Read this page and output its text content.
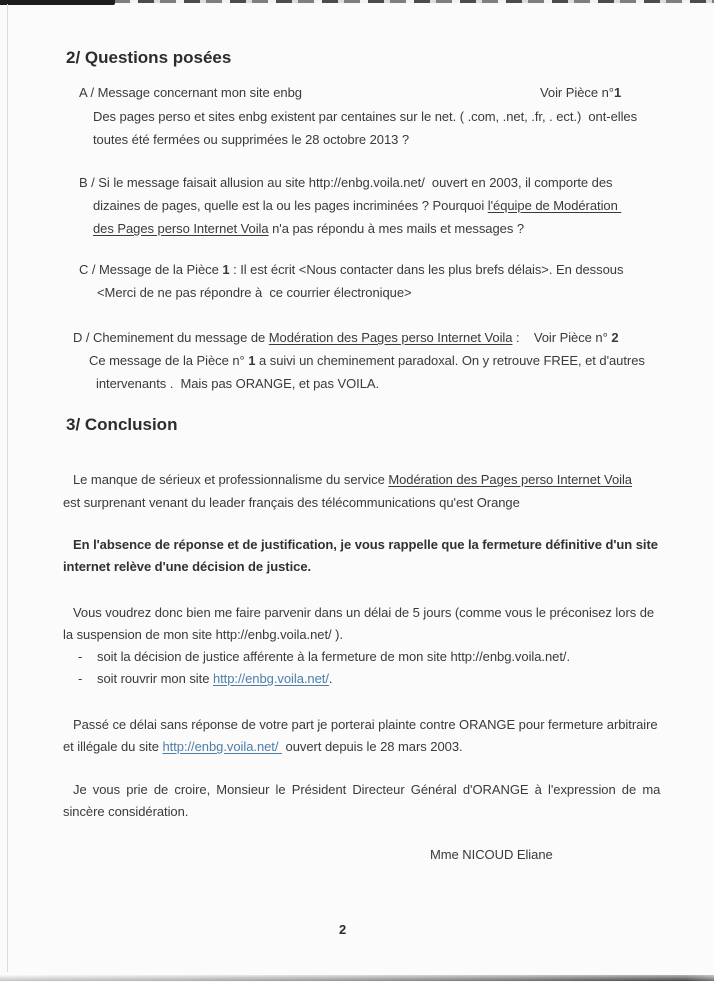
2/ Questions posées
A / Message concernant mon site enbg	Voir Pièce n°1
Des pages perso et sites enbg existent par centaines sur le net. ( .com, .net, .fr, . ect.)  ont-elles
toutes été fermées ou supprimées le 28 octobre 2013 ?
B / Si le message faisait allusion au site http://enbg.voila.net/  ouvert en 2003, il comporte des
dizaines de pages, quelle est la ou les pages incriminées ? Pourquoi l'équipe de Modération
des Pages perso Internet Voila n'a pas répondu à mes mails et messages ?
C / Message de la Pièce 1 : Il est écrit <Nous contacter dans les plus brefs délais>. En dessous
<Merci de ne pas répondre à  ce courrier électronique>
D / Cheminement du message de Modération des Pages perso Internet Voila :    Voir Pièce n° 2
Ce message de la Pièce n° 1 a suivi un cheminement paradoxal. On y retrouve FREE, et d'autres
intervenants .  Mais pas ORANGE, et pas VOILA.
3/ Conclusion
Le manque de sérieux et professionnalisme du service Modération des Pages perso Internet Voila
est surprenant venant du leader français des télécommunications qu'est Orange
En l'absence de réponse et de justification, je vous rappelle que la fermeture définitive d'un site
internet relève d'une décision de justice.
Vous voudrez donc bien me faire parvenir dans un délai de 5 jours (comme vous le préconisez lors de
la suspension de mon site http://enbg.voila.net/ ).
- soit la décision de justice afférente à la fermeture de mon site http://enbg.voila.net/.
- soit rouvrir mon site http://enbg.voila.net/.
Passé ce délai sans réponse de votre part je porterai plainte contre ORANGE pour fermeture arbitraire
et illégale du site http://enbg.voila.net/  ouvert depuis le 28 mars 2003.
Je vous prie de croire, Monsieur le Président Directeur Général d'ORANGE à l'expression de ma
sincère considération.
Mme NICOUD Eliane
2
